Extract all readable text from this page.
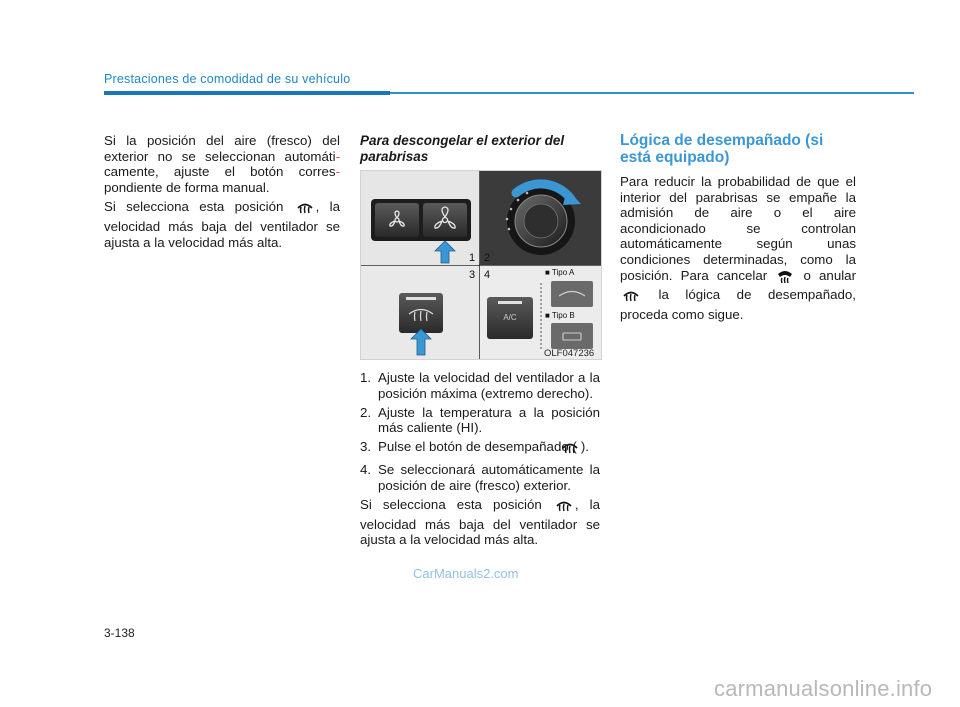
Prestaciones de comodidad de su vehículo

Si la posición del aire (fresco) del exterior no se seleccionan automáti- camente, ajuste el botón corres- pondiente de forma manual.

Si selecciona esta posición , la velocidad más baja del ventilador se ajusta a la velocidad más alta.

Para descongelar el exterior del parabrisas
A/C
1 2
3 4	■ Tipo A
■ Tipo B
OLF047236
1. Ajuste la velocidad del ventilador a la posición máxima (extremo derecho).
2. Ajuste la temperatura a la posición más caliente (HI).
3. Pulse el botón de desempañado ( ).
4. Se seleccionará automáticamente la posición de aire (fresco) exterior.

Si selecciona esta posición , la velocidad más baja del ventilador se ajusta a la velocidad más alta.

Lógica de desempañado (si está equipado)

Para reducir la probabilidad de que el interior del parabrisas se empañe la admisión de aire o el aire acondicionado se controlan automáticamente según unas condiciones determinadas, como la posición. Para cancelar	o anular  la lógica de desempañado, proceda como sigue.

3-138
CarManuals2.com
carmanualsonline.info
